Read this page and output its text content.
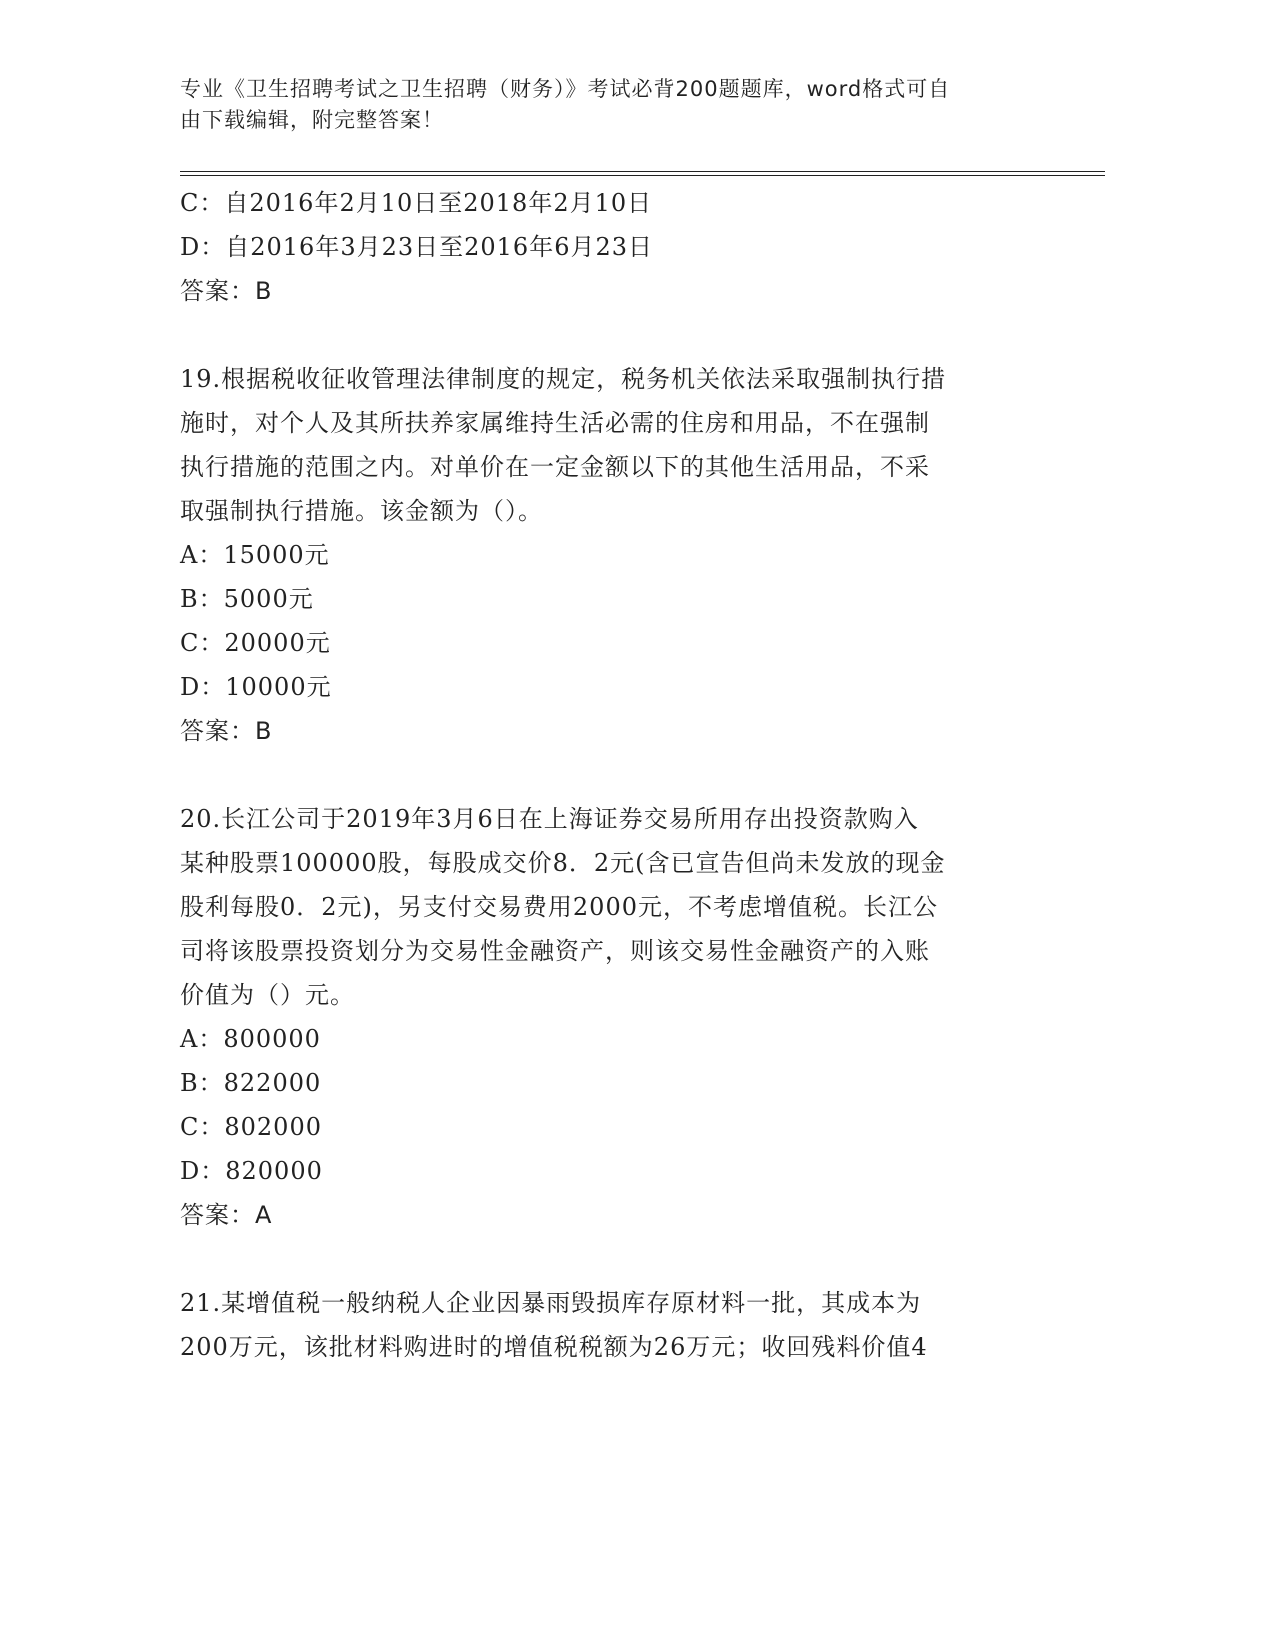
专业《卫生招聘考试之卫生招聘（财务）》考试必背200题题库，word格式可自
由下载编辑，附完整答案！
C：自2016年2月10日至2018年2月10日
D：自2016年3月23日至2016年6月23日
答案：B
19.根据税收征收管理法律制度的规定，税务机关依法采取强制执行措
施时，对个人及其所扶养家属维持生活必需的住房和用品，不在强制
执行措施的范围之内。对单价在一定金额以下的其他生活用品，不采
取强制执行措施。该金额为（）。
A：15000元
B：5000元
C：20000元
D：10000元
答案：B
20.长江公司于2019年3月6日在上海证券交易所用存出投资款购入
某种股票100000股，每股成交价8．2元(含已宣告但尚未发放的现金
股利每股0．2元)，另支付交易费用2000元，不考虑增值税。长江公
司将该股票投资划分为交易性金融资产，则该交易性金融资产的入账
价值为（）元。
A：800000
B：822000
C：802000
D：820000
答案：A
21.某增值税一般纳税人企业因暴雨毁损库存原材料一批，其成本为
200万元，该批材料购进时的增值税税额为26万元；收回残料价值4
